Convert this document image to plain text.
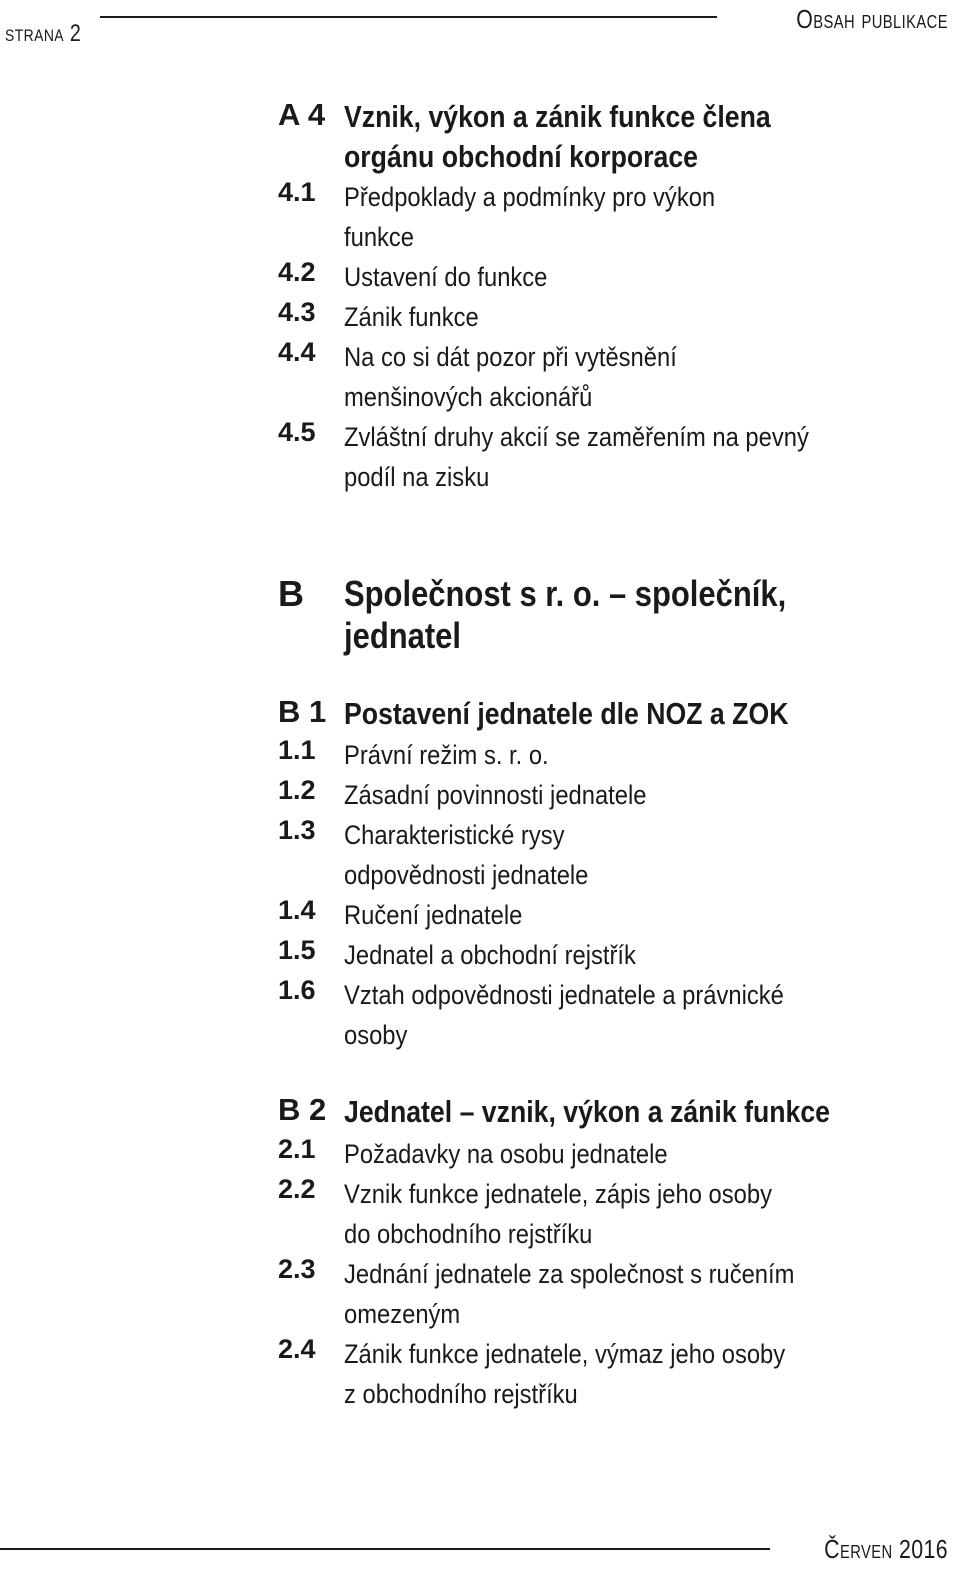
strana 2	Obsah publikace
A 4 Vznik, výkon a zánik funkce člena orgánu obchodní korporace
4.1 Předpoklady a podmínky pro výkon
funkce
4.2 Ustavení do funkce
4.3 Zánik funkce
4.4 Na co si dát pozor při vytěsnění
menšinových akcionářů
4.5 Zvláštní druhy akcií se zaměřením na pevný
podíl na zisku
B Společnost s r. o. – společník,
jednatel
B 1 Postavení jednatele dle NOZ a ZOK
1.1 Právní režim s. r. o.
1.2 Zásadní povinnosti jednatele
1.3 Charakteristické rysy
odpovědnosti jednatele
1.4 Ručení jednatele
1.5 Jednatel a obchodní rejstřík
1.6 Vztah odpovědnosti jednatele a právnické
osoby
B 2 Jednatel – vznik, výkon a zánik funkce
2.1 Požadavky na osobu jednatele
2.2 Vznik funkce jednatele, zápis jeho osoby
do obchodního rejstříku
2.3 Jednání jednatele za společnost s ručením
omezeným
2.4 Zánik funkce jednatele, výmaz jeho osoby
z obchodního rejstříku
Červen 2016
